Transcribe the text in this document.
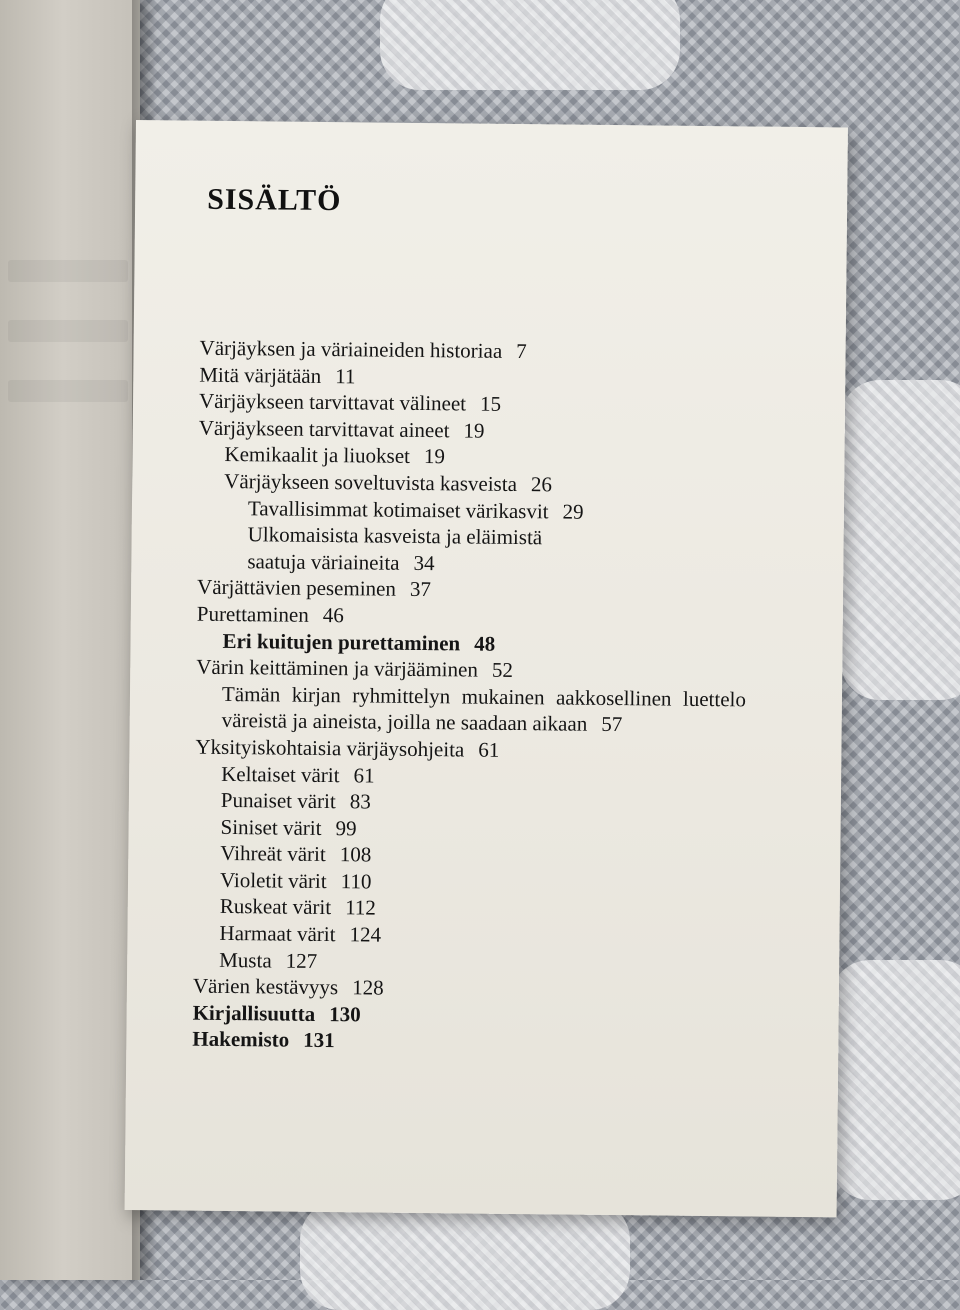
SISÄLTÖ
Värjäyksen ja väriaineiden historiaa 7
Mitä värjätään 11
Värjäykseen tarvittavat välineet 15
Värjäykseen tarvittavat aineet 19
Kemikaalit ja liuokset 19
Värjäykseen soveltuvista kasveista 26
Tavallisimmat kotimaiset värikasvit 29
Ulkomaisista kasveista ja eläimistä saatuja väriaineita 34
Värjättävien peseminen 37
Purettaminen 46
Eri kuitujen purettaminen 48
Värin keittäminen ja värjääminen 52
Tämän kirjan ryhmittelyn mukainen aakkosellinen luettelo väreistä ja aineista, joilla ne saadaan aikaan 57
Yksityiskohtaisia värjäysohjeita 61
Keltaiset värit 61
Punaiset värit 83
Siniset värit 99
Vihreät värit 108
Violetit värit 110
Ruskeat värit 112
Harmaat värit 124
Musta 127
Värien kestävyys 128
Kirjallisuutta 130
Hakemisto 131
